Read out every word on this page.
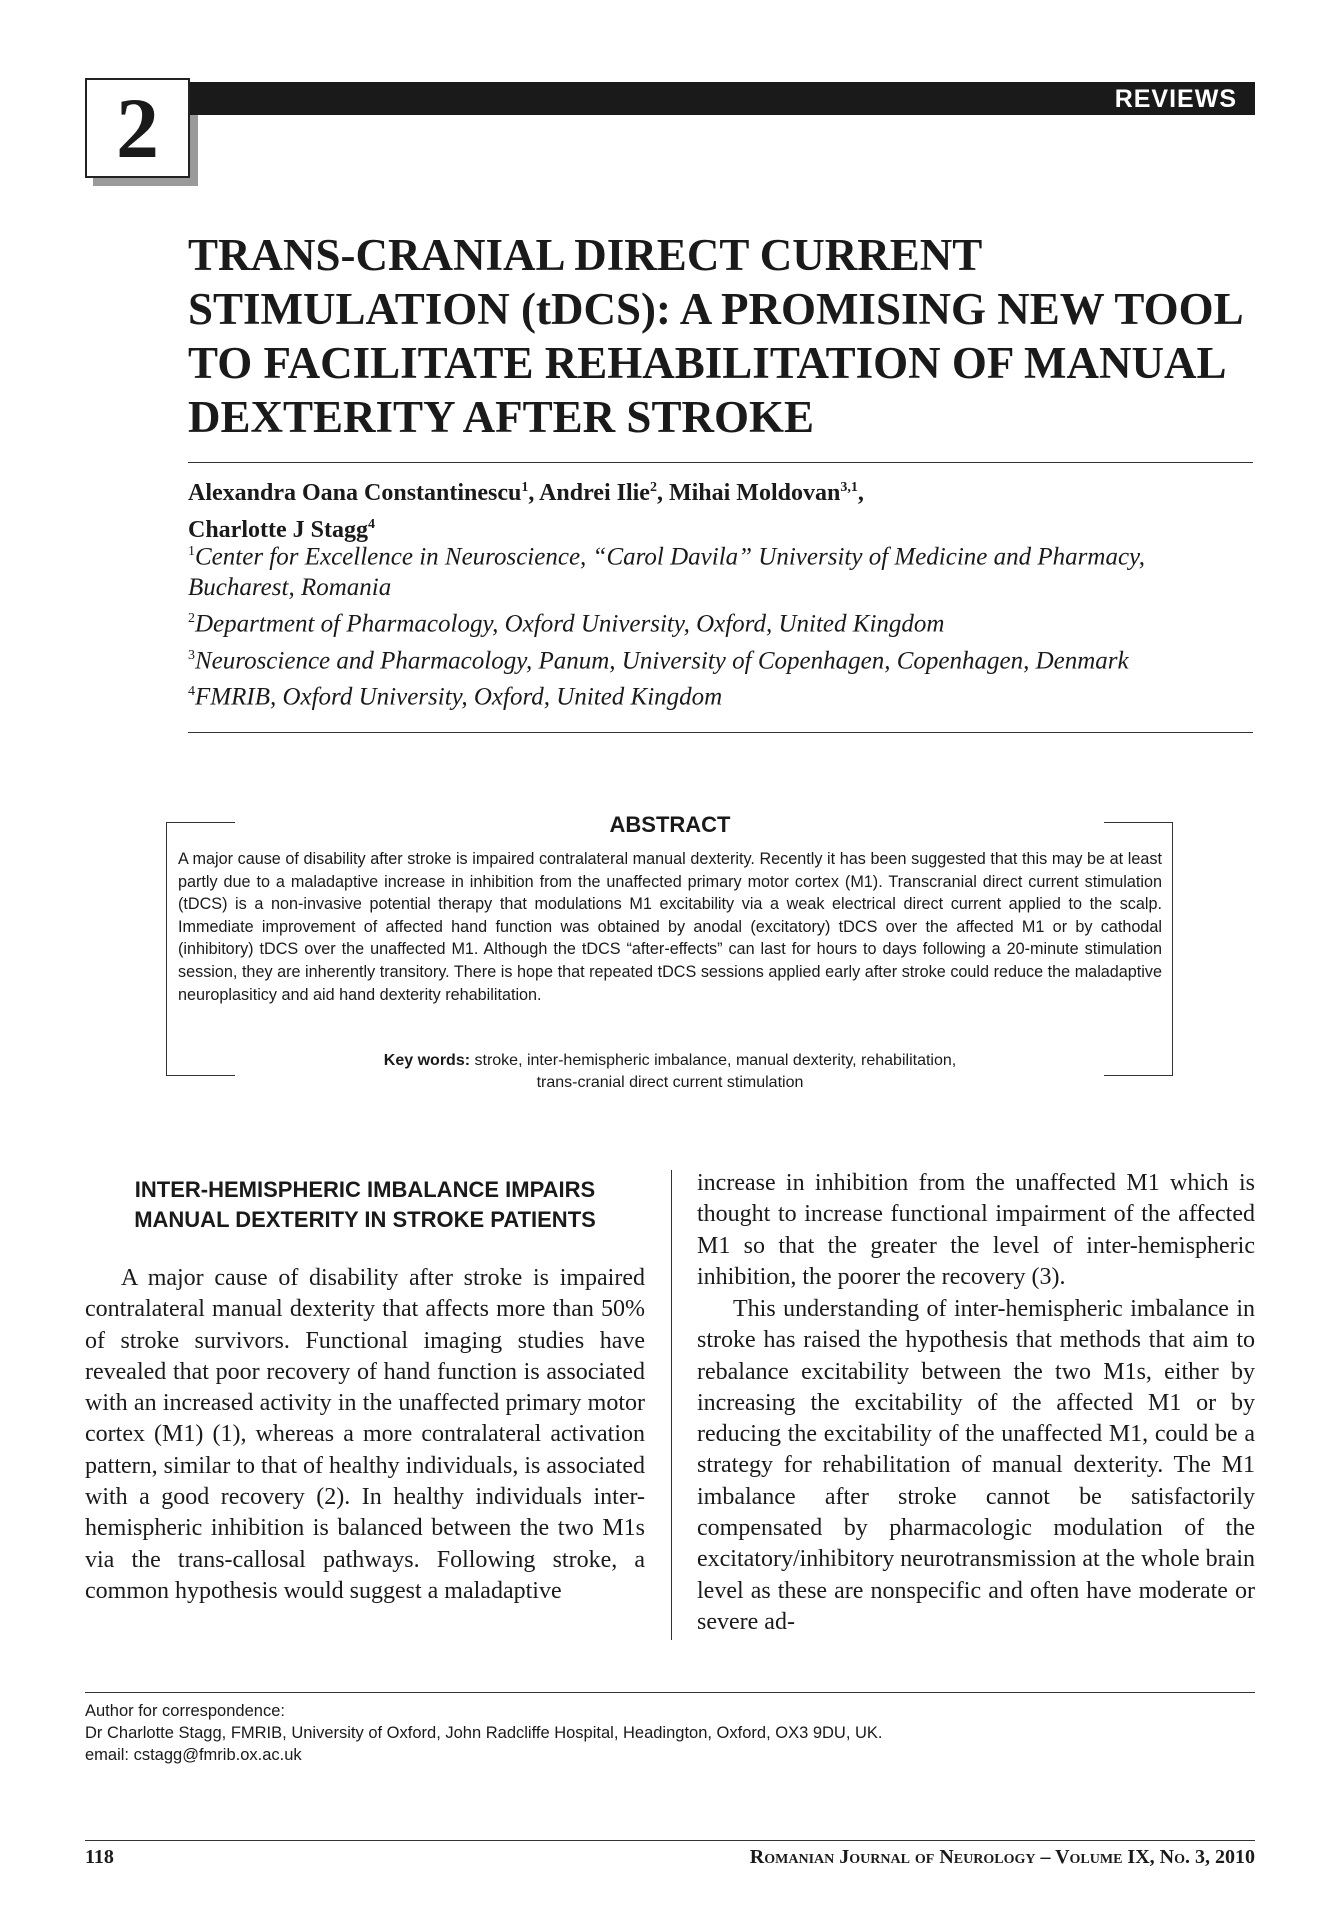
2	REVIEWS
TRANS-CRANIAL DIRECT CURRENT STIMULATION (tDCS): A PROMISING NEW TOOL TO FACILITATE REHABILITATION OF MANUAL DEXTERITY AFTER STROKE
Alexandra Oana Constantinescu$^1$, Andrei Ilie$^2$, Mihai Moldovan$^{3,1}$,
Charlotte J Stagg$^4$
$^1$Center for Excellence in Neuroscience, “Carol Davila” University of Medicine and Pharmacy, Bucharest, Romania
$^2$Department of Pharmacology, Oxford University, Oxford, United Kingdom
$^3$Neuroscience and Pharmacology, Panum, University of Copenhagen, Copenhagen, Denmark
$^4$FMRIB, Oxford University, Oxford, United Kingdom
ABSTRACT
A major cause of disability after stroke is impaired contralateral manual dexterity. Recently it has been suggested that this may be at least partly due to a maladaptive increase in inhibition from the unaffected primary motor cortex (M1). Transcranial direct current stimulation (tDCS) is a non-invasive potential therapy that modulations M1 excitability via a weak electrical direct current applied to the scalp. Immediate improvement of affected hand function was obtained by anodal (excitatory) tDCS over the affected M1 or by cathodal (inhibitory) tDCS over the unaffected M1. Although the tDCS “after-effects” can last for hours to days following a 20-minute stimulation session, they are inherently transitory. There is hope that repeated tDCS sessions applied early after stroke could reduce the maladaptive neuroplasiticy and aid hand dexterity rehabilitation.
Key words: stroke, inter-hemispheric imbalance, manual dexterity, rehabilitation,
trans-cranial direct current stimulation
INTER-HEMISPHERIC IMBALANCE IMPAIRS
MANUAL DEXTERITY IN STROKE PATIENTS

A major cause of disability after stroke is impaired contralateral manual dexterity that affects more than 50% of stroke survivors. Functional imaging studies have revealed that poor recovery of hand function is associated with an increased activity in the unaffected primary motor cortex (M1) (1), whereas a more contralateral activation pattern, similar to that of healthy individuals, is associated with a good recovery (2). In healthy individuals inter-hemispheric inhibition is balanced between the two M1s via the trans-callosal pathways. Following stroke, a common hypothesis would suggest a maladaptive

increase in inhibition from the unaffected M1 which is thought to increase functional impairment of the affected M1 so that the greater the level of inter-hemispheric inhibition, the poorer the recovery (3).

This understanding of inter-hemispheric imbalance in stroke has raised the hypothesis that methods that aim to rebalance excitability between the two M1s, either by increasing the excitability of the affected M1 or by reducing the excitability of the unaffected M1, could be a strategy for rehabilitation of manual dexterity. The M1 imbalance after stroke cannot be satisfactorily compensated by pharmacologic modulation of the excitatory/inhibitory neurotransmission at the whole brain level as these are nonspecific and often have moderate or severe ad-

Author for correspondence:
Dr Charlotte Stagg, FMRIB, University of Oxford, John Radcliffe Hospital, Headington, Oxford, OX3 9DU, UK.
email: cstagg@fmrib.ox.ac.uk
118	Romanian Journal of Neurology – Volume IX, No. 3, 2010
